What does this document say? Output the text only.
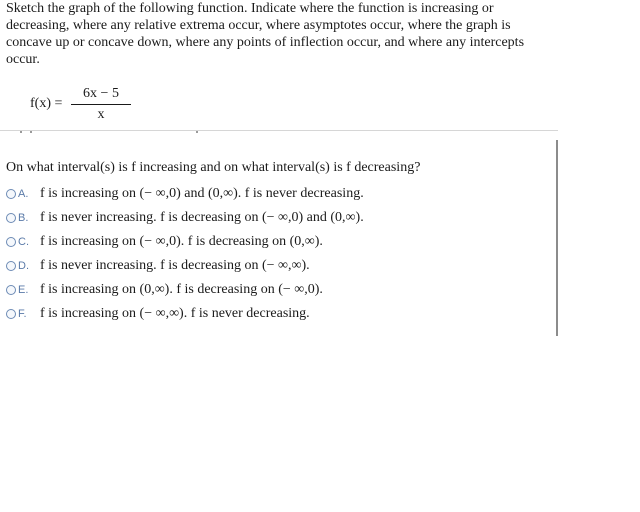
Sketch the graph of the following function. Indicate where the function is increasing or
decreasing, where any relative extrema occur, where asymptotes occur, where the graph is
concave up or concave down, where any points of inflection occur, and where any intercepts
occur.
f(x) =
6x − 5
x
On what interval(s) is f increasing and on what interval(s) is f decreasing?
A. f is increasing on (− ∞,0) and (0,∞). f is never decreasing.
B. f is never increasing. f is decreasing on (− ∞,0) and (0,∞).
C. f is increasing on (− ∞,0). f is decreasing on (0,∞).
D. f is never increasing. f is decreasing on (− ∞,∞).
E. f is increasing on (0,∞). f is decreasing on (− ∞,0).
F. f is increasing on (− ∞,∞). f is never decreasing.
